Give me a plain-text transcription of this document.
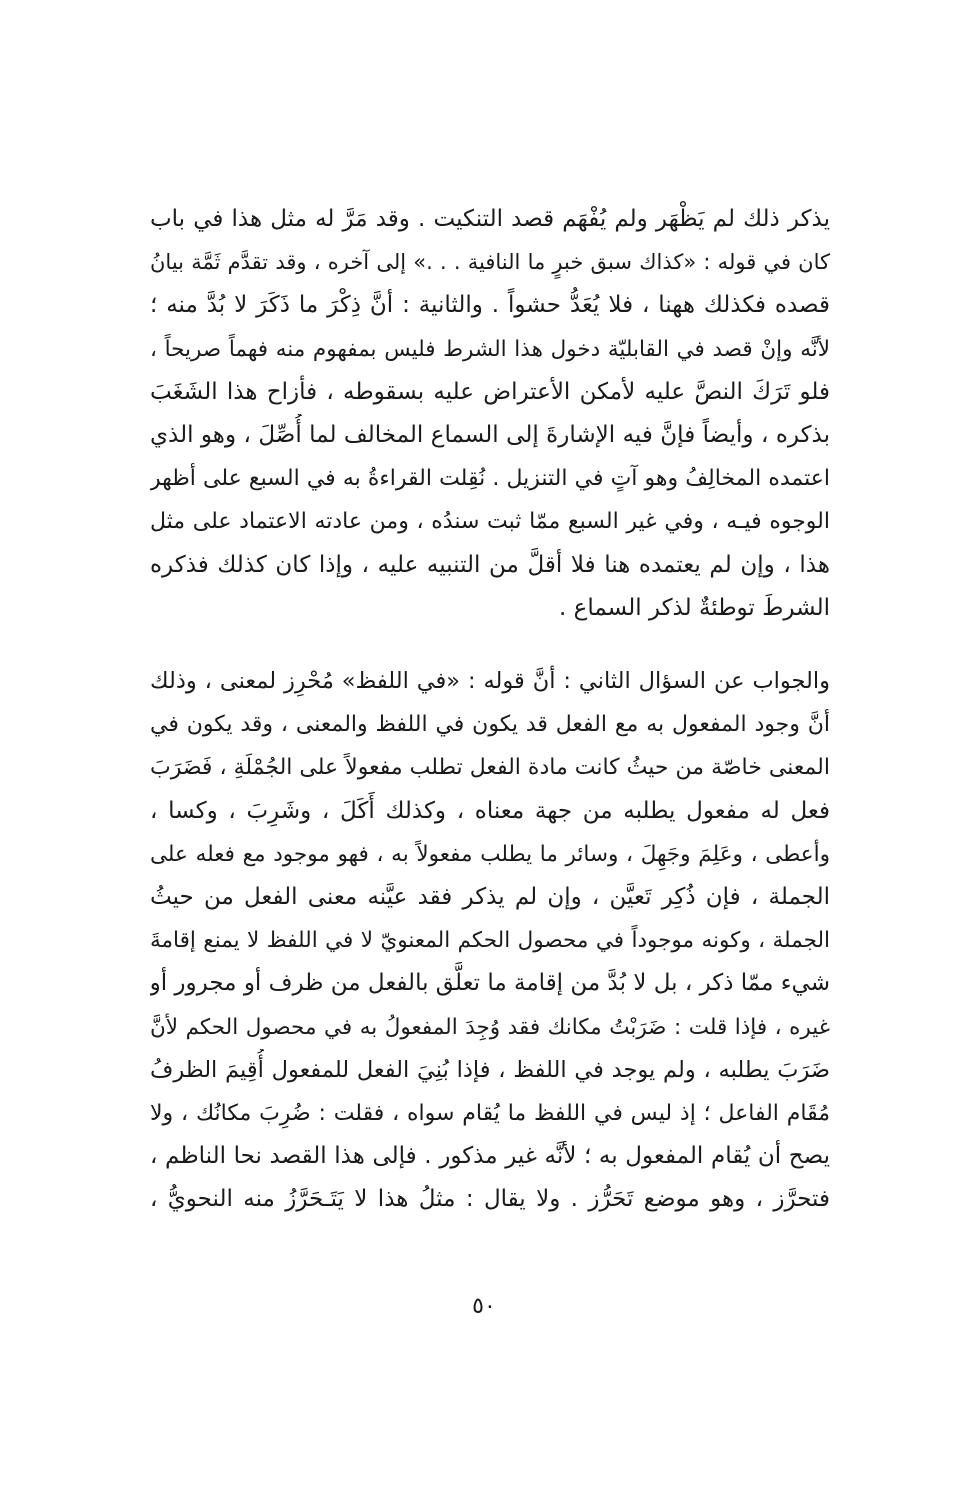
يذكر ذلك لم يَظْهَر ولم يُفْهَم قصد التنكيت . وقد مَرَّ له مثل هذا في باب
كان في قوله : «كذاك سبق خبرٍ ما النافية . . .» إلى آخره ، وقد تقدَّم ثَمَّة بيانُ
قصده فكذلك ههنا ، فلا يُعَدُّ حشواً . والثانية : أنَّ ذِكْرَ ما ذَكَرَ لا بُدَّ منه ؛
لأنَّه وإنْ قصد في القابليّة دخول هذا الشرط فليس بمفهوم منه فهماً صريحاً ،
فلو تَرَكَ النصَّ عليه لأمكن الأعتراض عليه بسقوطه ، فأزاح هذا الشَغَبَ
بذكره ، وأيضاً فإنَّ فيه الإشارةَ إلى السماع المخالف لما أُصِّلَ ، وهو الذي
اعتمده المخالِفُ وهو آتٍ في التنزيل . نُقِلت القراءةُ به في السبع على أظهر
الوجوه فيـه ، وفي غير السبع ممّا ثبت سندُه ، ومن عادته الاعتماد على مثل
هذا ، وإن لم يعتمده هنا فلا أقلَّ من التنبيه عليه ، وإذا كان كذلك فذكره
الشرطَ توطئةٌ لذكر السماع .
والجواب عن السؤال الثاني : أنَّ قوله : «في اللفظ» مُحْرِز لمعنى ، وذلك
أنَّ وجود المفعول به مع الفعل قد يكون في اللفظ والمعنى ، وقد يكون في
المعنى خاصّة من حيثُ كانت مادة الفعل تطلب مفعولاً على الجُمْلَةِ ، فَضَرَبَ
فعل له مفعول يطلبه من جهة معناه ، وكذلك أَكَلَ ، وشَرِبَ ، وكسا ،
وأعطى ، وعَلِمَ وجَهِلَ ، وسائر ما يطلب مفعولاً به ، فهو موجود مع فعله على
الجملة ، فإن ذُكِر تَعيَّن ، وإن لم يذكر فقد عيَّنه معنى الفعل من حيثُ
الجملة ، وكونه موجوداً في محصول الحكم المعنويّ لا في اللفظ لا يمنع إقامةَ
شيء ممّا ذكر ، بل لا بُدَّ من إقامة ما تعلَّق بالفعل من ظرف أو مجرور أو
غيره ، فإذا قلت : ضَرَبْتُ مكانك فقد وُجِدَ المفعولُ به في محصول الحكم لأنَّ
ضَرَبَ يطلبه ، ولم يوجد في اللفظ ، فإذا بُنِيَ الفعل للمفعول أُقِيمَ الظرفُ
مُقَام الفاعل ؛ إذ ليس في اللفظ ما يُقام سواه ، فقلت : ضُرِبَ مكانُك ، ولا
يصح أن يُقام المفعول به ؛ لأنَّه غير مذكور . فإلى هذا القصد نحا الناظم ،
فتحرَّز ، وهو موضع تَحَرُّز . ولا يقال : مثلُ هذا لا يَتَـحَرَّزُ منه النحويُّ ،
٥٠
